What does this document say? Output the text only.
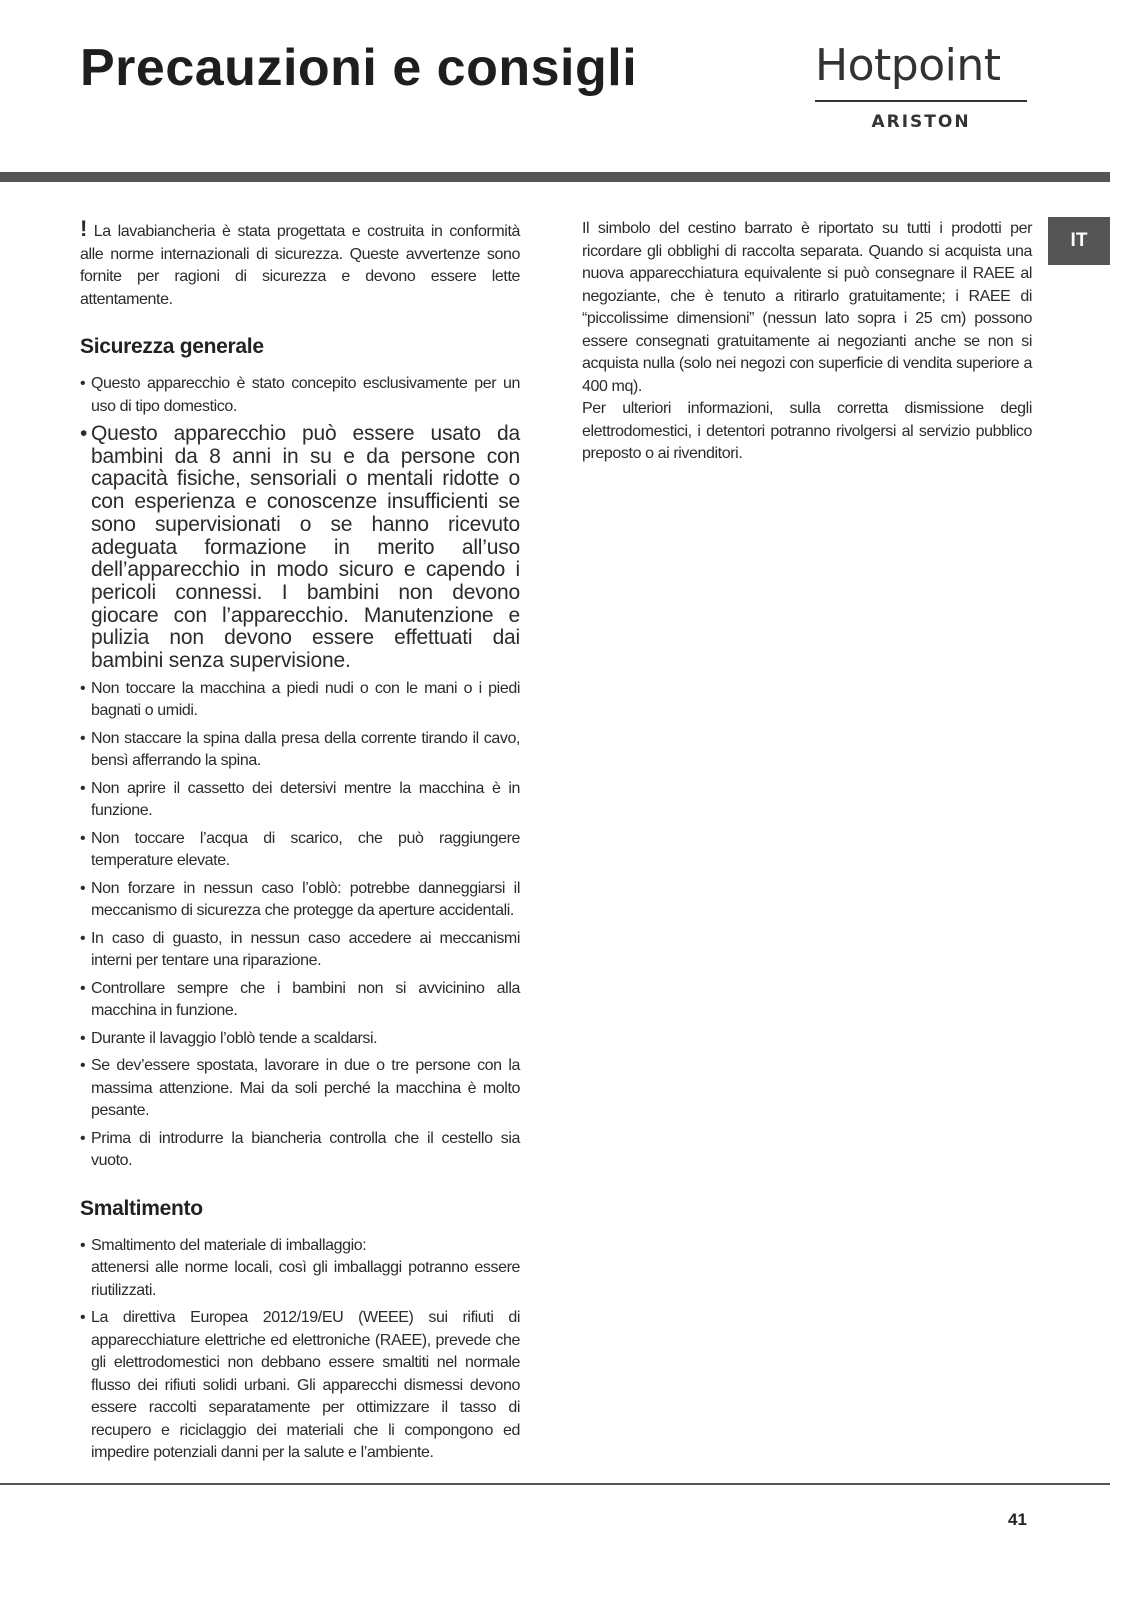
Precauzioni e consigli	Hotpoint
ARISTON
IT

! La lavabiancheria è stata progettata e costruita in conformità alle norme internazionali di sicurezza. Queste avvertenze sono fornite per ragioni di sicurezza e devono essere lette attentamente.

Sicurezza generale
• Questo apparecchio è stato concepito esclusivamente per un uso di tipo domestico.
• Questo apparecchio può essere usato da bambini da 8 anni in su e da persone con capacità fisiche, sensoriali o mentali ridotte o con esperienza e conoscenze insufficienti se sono supervisionati o se hanno ricevuto adeguata formazione in merito all’uso dell’apparecchio in modo sicuro e capendo i pericoli connessi. I bambini non devono giocare con l’apparecchio. Manutenzione e pulizia non devono essere effettuati dai bambini senza supervisione.
• Non toccare la macchina a piedi nudi o con le mani o i piedi bagnati o umidi.
• Non staccare la spina dalla presa della corrente tirando il cavo, bensì afferrando la spina.
• Non aprire il cassetto dei detersivi mentre la macchina è in funzione.
• Non toccare l’acqua di scarico, che può raggiungere temperature elevate.
• Non forzare in nessun caso l’oblò: potrebbe danneggiarsi il meccanismo di sicurezza che protegge da aperture accidentali.
• In caso di guasto, in nessun caso accedere ai meccanismi interni per tentare una riparazione.
• Controllare sempre che i bambini non si avvicinino alla macchina in funzione.
• Durante il lavaggio l’oblò tende a scaldarsi.
• Se dev’essere spostata, lavorare in due o tre persone con la massima attenzione. Mai da soli perché la macchina è molto pesante.
• Prima di introdurre la biancheria controlla che il cestello sia vuoto.
Smaltimento
• Smaltimento del materiale di imballaggio:
attenersi alle norme locali, così gli imballaggi potranno essere riutilizzati.
• La direttiva Europea 2012/19/EU (WEEE) sui rifiuti di apparecchiature elettriche ed elettroniche (RAEE), prevede che gli elettrodomestici non debbano essere smaltiti nel normale flusso dei rifiuti solidi urbani. Gli apparecchi dismessi devono essere raccolti separatamente per ottimizzare il tasso di recupero e riciclaggio dei materiali che li compongono ed impedire potenziali danni per la salute e l’ambiente.

Il simbolo del cestino barrato è riportato su tutti i prodotti per ricordare gli obblighi di raccolta separata. Quando si acquista una nuova apparecchiatura equivalente si può consegnare il RAEE al negoziante, che è tenuto a ritirarlo gratuitamente; i RAEE di “piccolissime dimensioni” (nessun lato sopra i 25 cm) possono essere consegnati gratuitamente ai negozianti anche se non si acquista nulla (solo nei negozi con superficie di vendita superiore a 400 mq).

Per ulteriori informazioni, sulla corretta dismissione degli elettrodomestici, i detentori potranno rivolgersi al servizio pubblico preposto o ai rivenditori.

41
